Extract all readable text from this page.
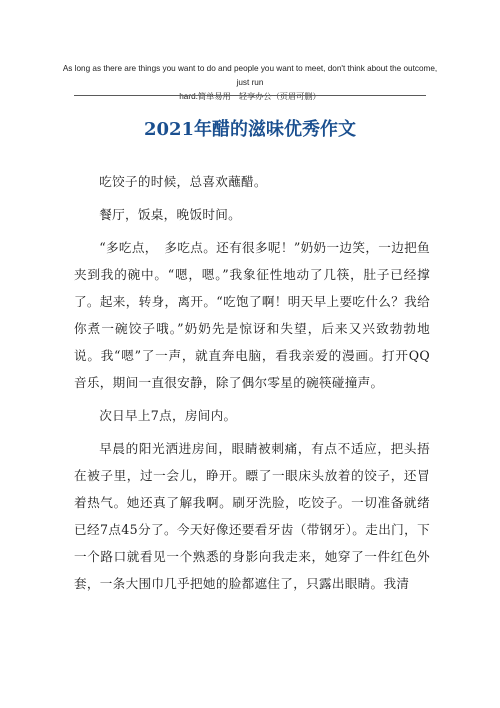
As long as there are things you want to do and people you want to meet, don't think about the outcome, just run
hard.简单易用　轻享办公（页眉可删）
2021年醋的滋味优秀作文

吃饺子的时候，总喜欢蘸醋。

餐厅，饭桌，晚饭时间。

“多吃点，　多吃点。还有很多呢！”奶奶一边笑，一边把鱼夹到我的碗中。“嗯，嗯。”我象征性地动了几筷，肚子已经撑了。起来，转身，离开。“吃饱了啊！明天早上要吃什么？我给你煮一碗饺子哦。”奶奶先是惊讶和失望，后来又兴致勃勃地说。我“嗯”了一声，就直奔电脑，看我亲爱的漫画。打开QQ音乐，期间一直很安静，除了偶尔零星的碗筷碰撞声。

次日早上7点，房间内。

早晨的阳光洒进房间，眼睛被刺痛，有点不适应，把头捂在被子里，过一会儿，睁开。瞟了一眼床头放着的饺子，还冒着热气。她还真了解我啊。刷牙洗脸，吃饺子。一切准备就绪已经7点45分了。今天好像还要看牙齿（带钢牙）。走出门，下一个路口就看见一个熟悉的身影向我走来，她穿了一件红色外套，一条大围巾几乎把她的脸都遮住了，只露出眼睛。我清
